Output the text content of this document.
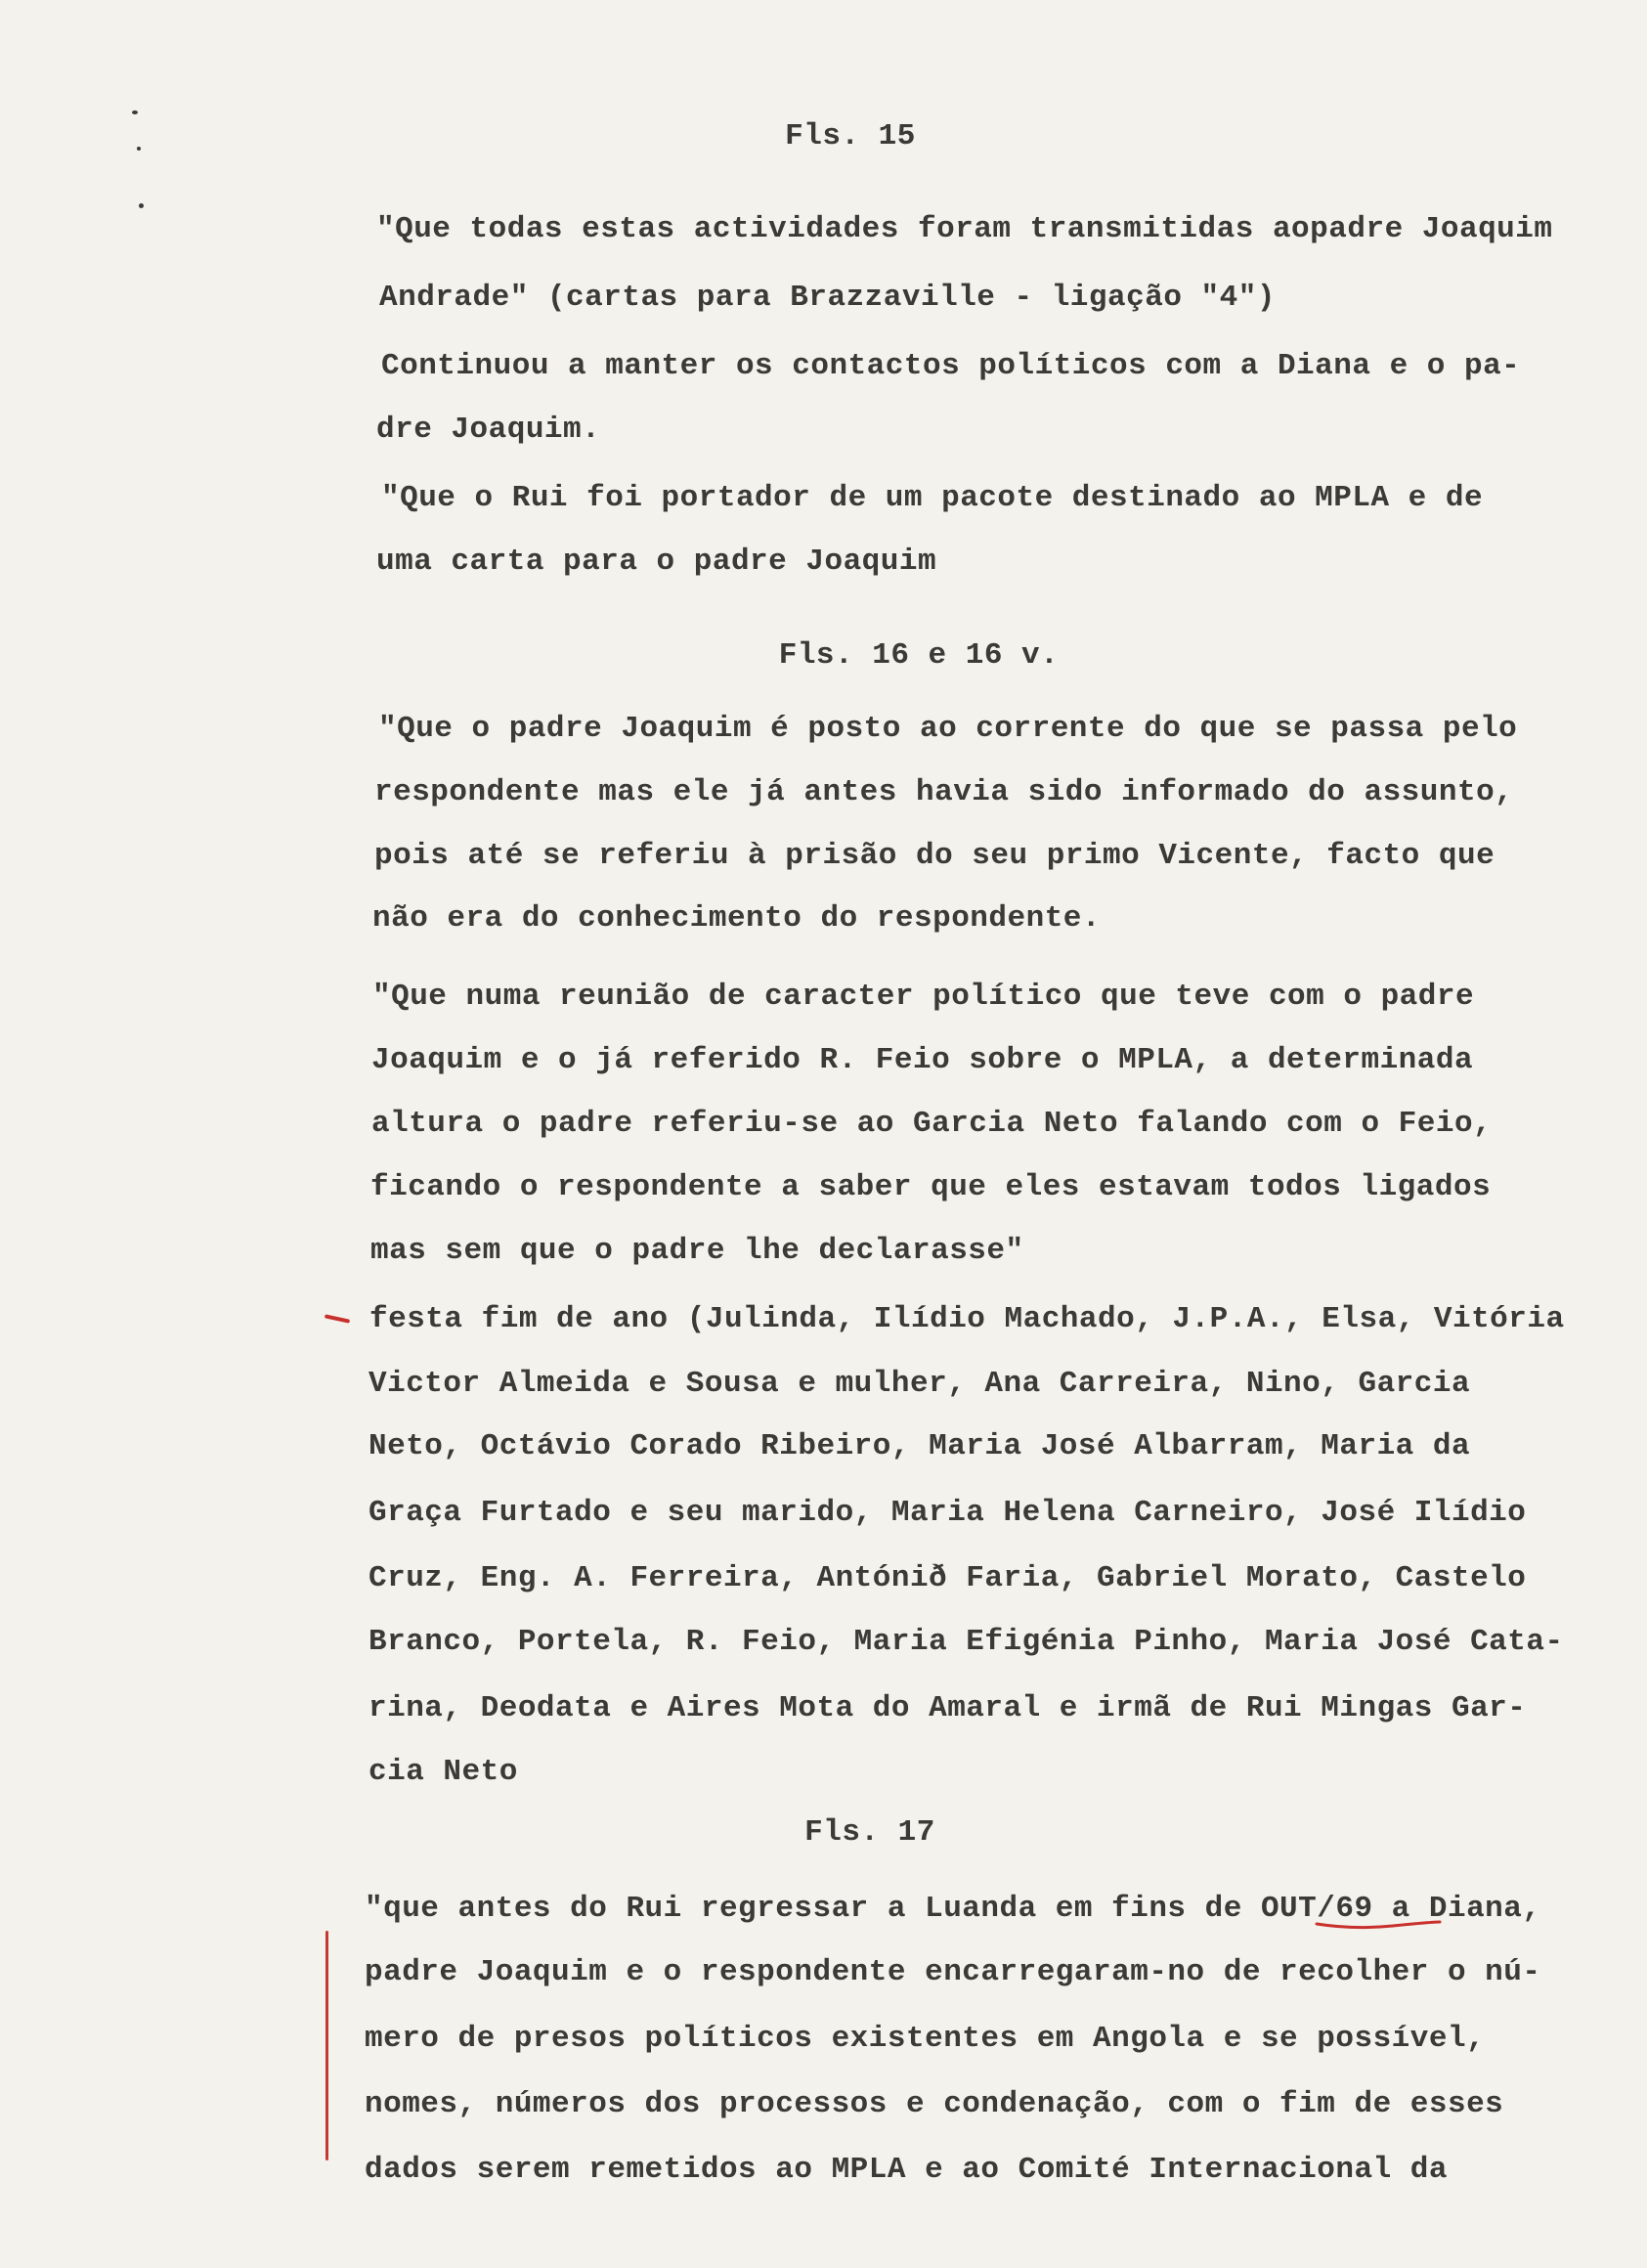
Fls. 15
Fls. 16 e 16 v.
Fls. 17
"Que todas estas actividades foram transmitidas aopadre Joaquim
Andrade" (cartas para Brazzaville - ligação "4")
Continuou a manter os contactos políticos com a Diana e o pa-
dre Joaquim.
"Que o Rui foi portador de um pacote destinado ao MPLA e de
uma carta para o padre Joaquim
"Que o padre Joaquim é posto ao corrente do que se passa pelo
respondente mas ele já antes havia sido informado do assunto,
pois até se referiu à prisão do seu primo Vicente, facto que
não era do conhecimento do respondente.
"Que numa reunião de caracter político que teve com o padre
Joaquim e o já referido R. Feio sobre o MPLA, a determinada
altura o padre referiu-se ao Garcia Neto falando com o Feio,
ficando o respondente a saber que eles estavam todos ligados
mas sem que o padre lhe declarasse"
festa fim de ano (Julinda, Ilídio Machado, J.P.A., Elsa, Vitória
Victor Almeida e Sousa e mulher, Ana Carreira, Nino, Garcia
Neto, Octávio Corado Ribeiro, Maria José Albarram, Maria da
Graça Furtado e seu marido, Maria Helena Carneiro, José Ilídio
Cruz, Eng. A. Ferreira, Antónið Faria, Gabriel Morato, Castelo
Branco, Portela, R. Feio, Maria Efigénia Pinho, Maria José Cata-
rina, Deodata e Aires Mota do Amaral e irmã de Rui Mingas Gar-
cia Neto
"que antes do Rui regressar a Luanda em fins de OUT/69 a Diana,
padre Joaquim e o respondente encarregaram-no de recolher o nú-
mero de presos políticos existentes em Angola e se possível,
nomes, números dos processos e condenação, com o fim de esses
dados serem remetidos ao MPLA e ao Comité Internacional da
